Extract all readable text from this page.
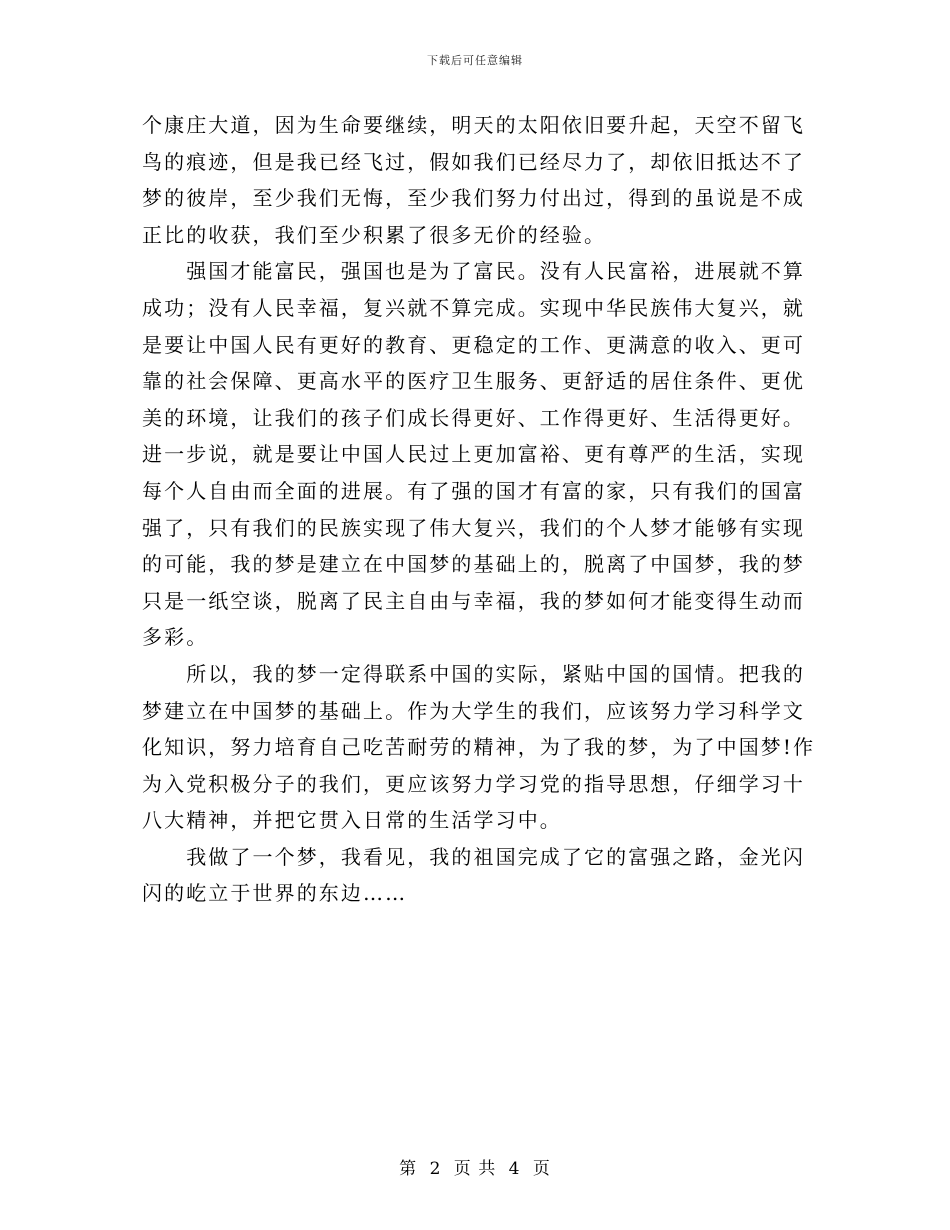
下载后可任意编辑
个康庄大道，因为生命要继续，明天的太阳依旧要升起，天空不留飞
鸟的痕迹，但是我已经飞过，假如我们已经尽力了，却依旧抵达不了
梦的彼岸，至少我们无悔，至少我们努力付出过，得到的虽说是不成
正比的收获，我们至少积累了很多无价的经验。
　　强国才能富民，强国也是为了富民。没有人民富裕，进展就不算
成功；没有人民幸福，复兴就不算完成。实现中华民族伟大复兴，就
是要让中国人民有更好的教育、更稳定的工作、更满意的收入、更可
靠的社会保障、更高水平的医疗卫生服务、更舒适的居住条件、更优
美的环境，让我们的孩子们成长得更好、工作得更好、生活得更好。
进一步说，就是要让中国人民过上更加富裕、更有尊严的生活，实现
每个人自由而全面的进展。有了强的国才有富的家，只有我们的国富
强了，只有我们的民族实现了伟大复兴，我们的个人梦才能够有实现
的可能，我的梦是建立在中国梦的基础上的，脱离了中国梦，我的梦
只是一纸空谈，脱离了民主自由与幸福，我的梦如何才能变得生动而
多彩。
　　所以，我的梦一定得联系中国的实际，紧贴中国的国情。把我的
梦建立在中国梦的基础上。作为大学生的我们，应该努力学习科学文
化知识，努力培育自己吃苦耐劳的精神，为了我的梦，为了中国梦!作
为入党积极分子的我们，更应该努力学习党的指导思想，仔细学习十
八大精神，并把它贯入日常的生活学习中。
　　我做了一个梦，我看见，我的祖国完成了它的富强之路，金光闪
闪的屹立于世界的东边……
第 2 页 共 4 页
